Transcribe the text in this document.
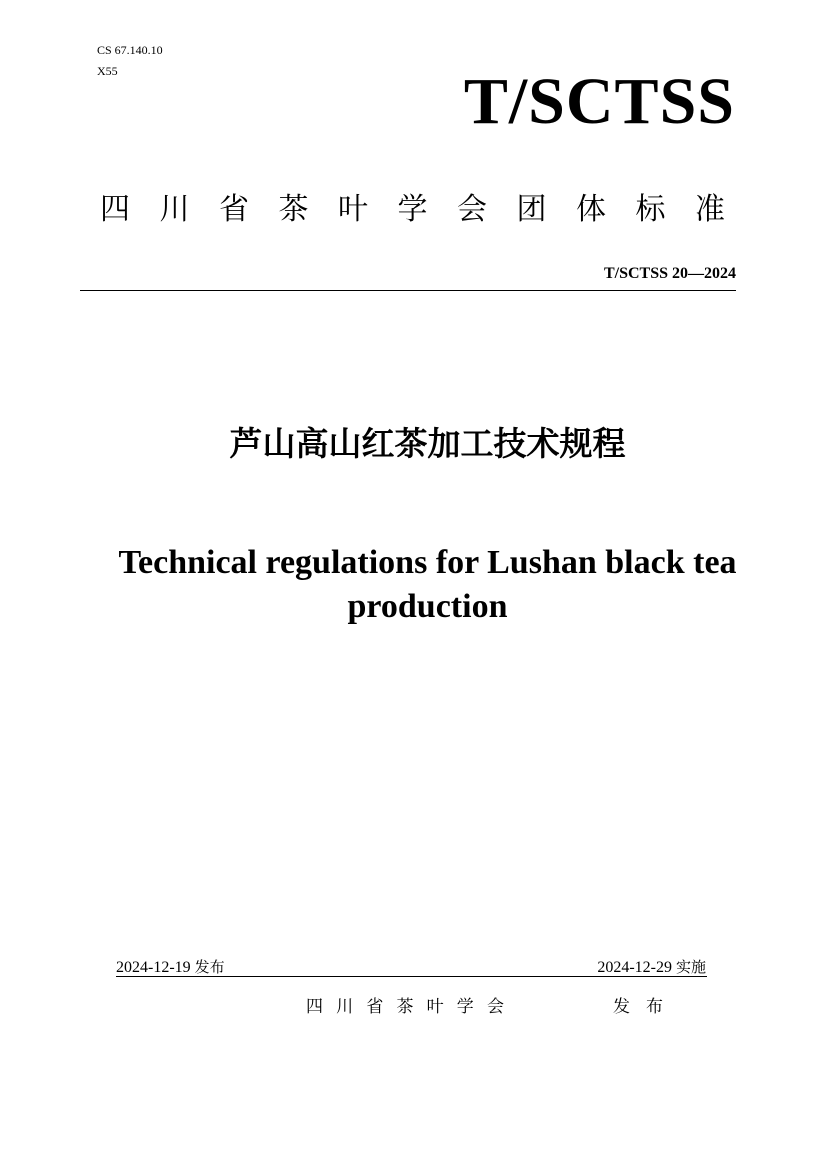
CS 67.140.10
X55	T/SCTSS
四 川 省 茶 叶 学 会 团 体 标 准
T/SCTSS 20—2024
芦山高山红茶加工技术规程
Technical regulations for Lushan black tea
production
2024-12-19 发布	2024-12-29 实施
四 川 省 茶 叶 学 会	发 布
